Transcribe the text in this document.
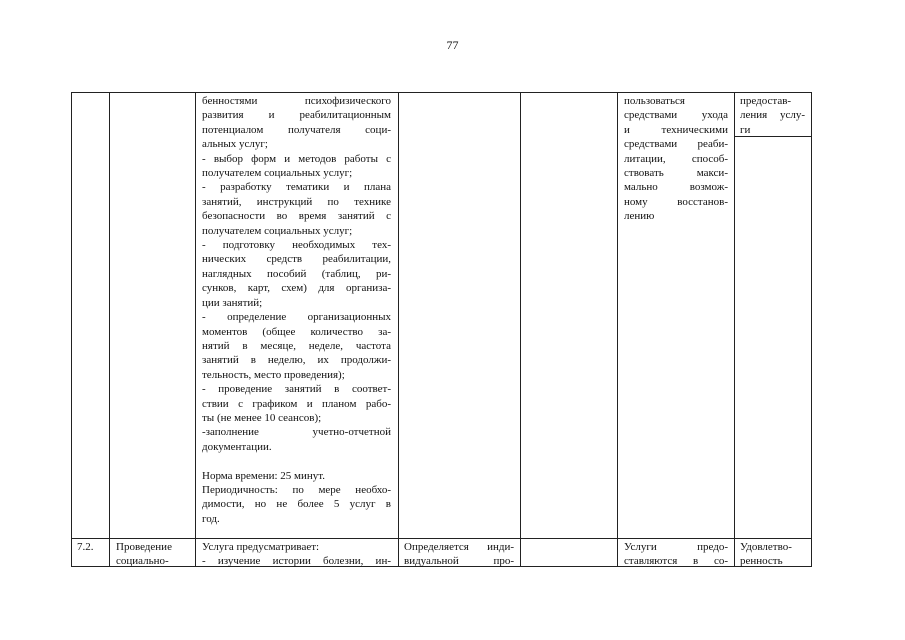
77
бенностями психофизического
развития и реабилитационным
потенциалом получателя соци-
альных услуг;
- выбор форм и методов работы с
получателем социальных услуг;
- разработку тематики и плана
занятий, инструкций по технике
безопасности во время занятий с
получателем социальных услуг;
- подготовку необходимых тех-
нических средств реабилитации,
наглядных пособий (таблиц, ри-
сунков, карт, схем) для организа-
ции занятий;
- определение организационных
моментов (общее количество за-
нятий в месяце, неделе, частота
занятий в неделю, их продолжи-
тельность, место проведения);
- проведение занятий в соответ-
ствии с графиком и планом рабо-
ты (не менее 10 сеансов);
-заполнение учетно-отчетной
документации.
Норма времени: 25 минут.
Периодичность: по мере необхо-
димости, но не более 5 услуг в
год.
пользоваться
средствами ухода
и техническими
средствами реаби-
литации, способ-
ствовать макси-
мально возмож-
ному восстанов-
лению
предостав-
ления услу-
ги
7.2.	Проведение
социально-
Услуга предусматривает:
- изучение истории болезни, ин-
Определяется инди-
видуальной про-
Услуги предо-
ставляются в со-
Удовлетво-
ренность
